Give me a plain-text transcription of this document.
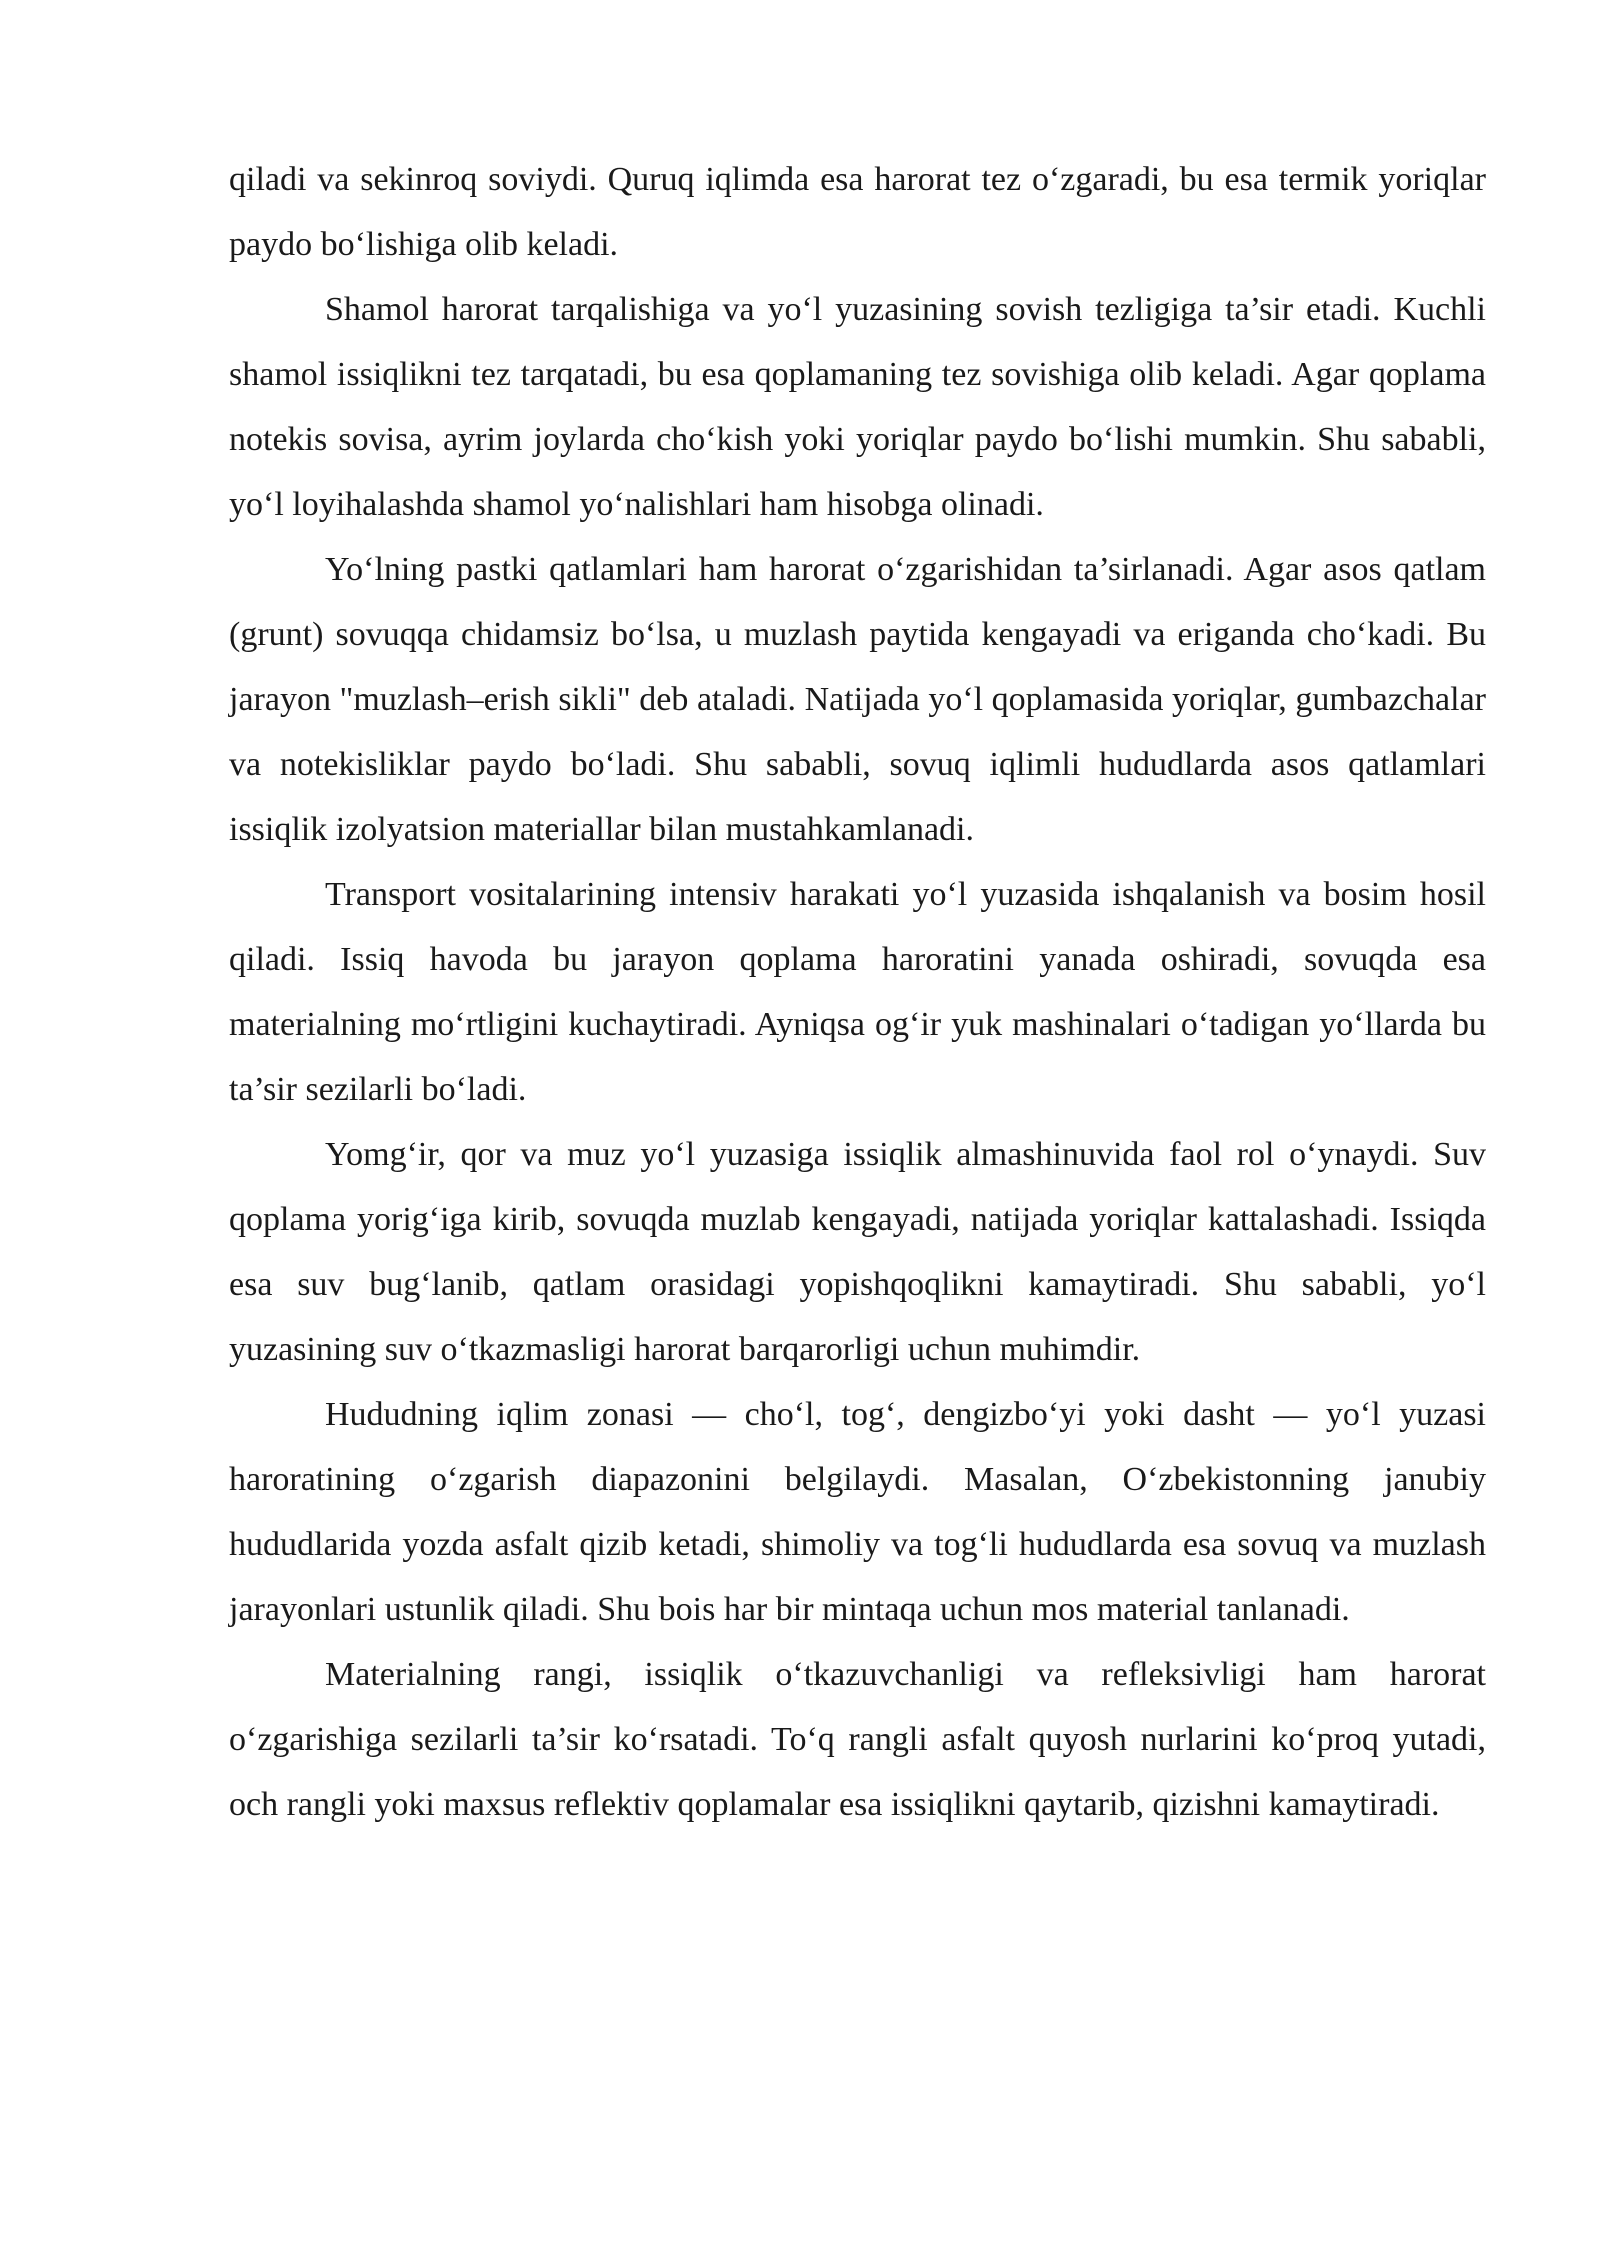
qiladi va sekinroq soviydi. Quruq iqlimda esa harorat tez o‘zgaradi, bu esa termik yoriqlar paydo bo‘lishiga olib keladi.

Shamol harorat tarqalishiga va yo‘l yuzasining sovish tezligiga ta’sir etadi. Kuchli shamol issiqlikni tez tarqatadi, bu esa qoplamaning tez sovishiga olib keladi. Agar qoplama notekis sovisa, ayrim joylarda cho‘kish yoki yoriqlar paydo bo‘lishi mumkin. Shu sababli, yo‘l loyihalashda shamol yo‘nalishlari ham hisobga olinadi.

Yo‘lning pastki qatlamlari ham harorat o‘zgarishidan ta’sirlanadi. Agar asos qatlam (grunt) sovuqqa chidamsiz bo‘lsa, u muzlash paytida kengayadi va eriganda cho‘kadi. Bu jarayon "muzlash–erish sikli" deb ataladi. Natijada yo‘l qoplamasida yoriqlar, gumbazchalar va notekisliklar paydo bo‘ladi. Shu sababli, sovuq iqlimli hududlarda asos qatlamlari issiqlik izolyatsion materiallar bilan mustahkamlanadi.

Transport vositalarining intensiv harakati yo‘l yuzasida ishqalanish va bosim hosil qiladi. Issiq havoda bu jarayon qoplama haroratini yanada oshiradi, sovuqda esa materialning mo‘rtligini kuchaytiradi. Ayniqsa og‘ir yuk mashinalari o‘tadigan yo‘llarda bu ta’sir sezilarli bo‘ladi.

Yomg‘ir, qor va muz yo‘l yuzasiga issiqlik almashinuvida faol rol o‘ynaydi. Suv qoplama yorig‘iga kirib, sovuqda muzlab kengayadi, natijada yoriqlar kattalashadi. Issiqda esa suv bug‘lanib, qatlam orasidagi yopishqoqlikni kamaytiradi. Shu sababli, yo‘l yuzasining suv o‘tkazmasligi harorat barqarorligi uchun muhimdir.

Hududning iqlim zonasi — cho‘l, tog‘, dengizbo‘yi yoki dasht — yo‘l yuzasi haroratining o‘zgarish diapazonini belgilaydi. Masalan, O‘zbekistonning janubiy hududlarida yozda asfalt qizib ketadi, shimoliy va tog‘li hududlarda esa sovuq va muzlash jarayonlari ustunlik qiladi. Shu bois har bir mintaqa uchun mos material tanlanadi.

Materialning rangi, issiqlik o‘tkazuvchanligi va refleksivligi ham harorat o‘zgarishiga sezilarli ta’sir ko‘rsatadi. To‘q rangli asfalt quyosh nurlarini ko‘proq yutadi, och rangli yoki maxsus reflektiv qoplamalar esa issiqlikni qaytarib, qizishni kamaytiradi.
